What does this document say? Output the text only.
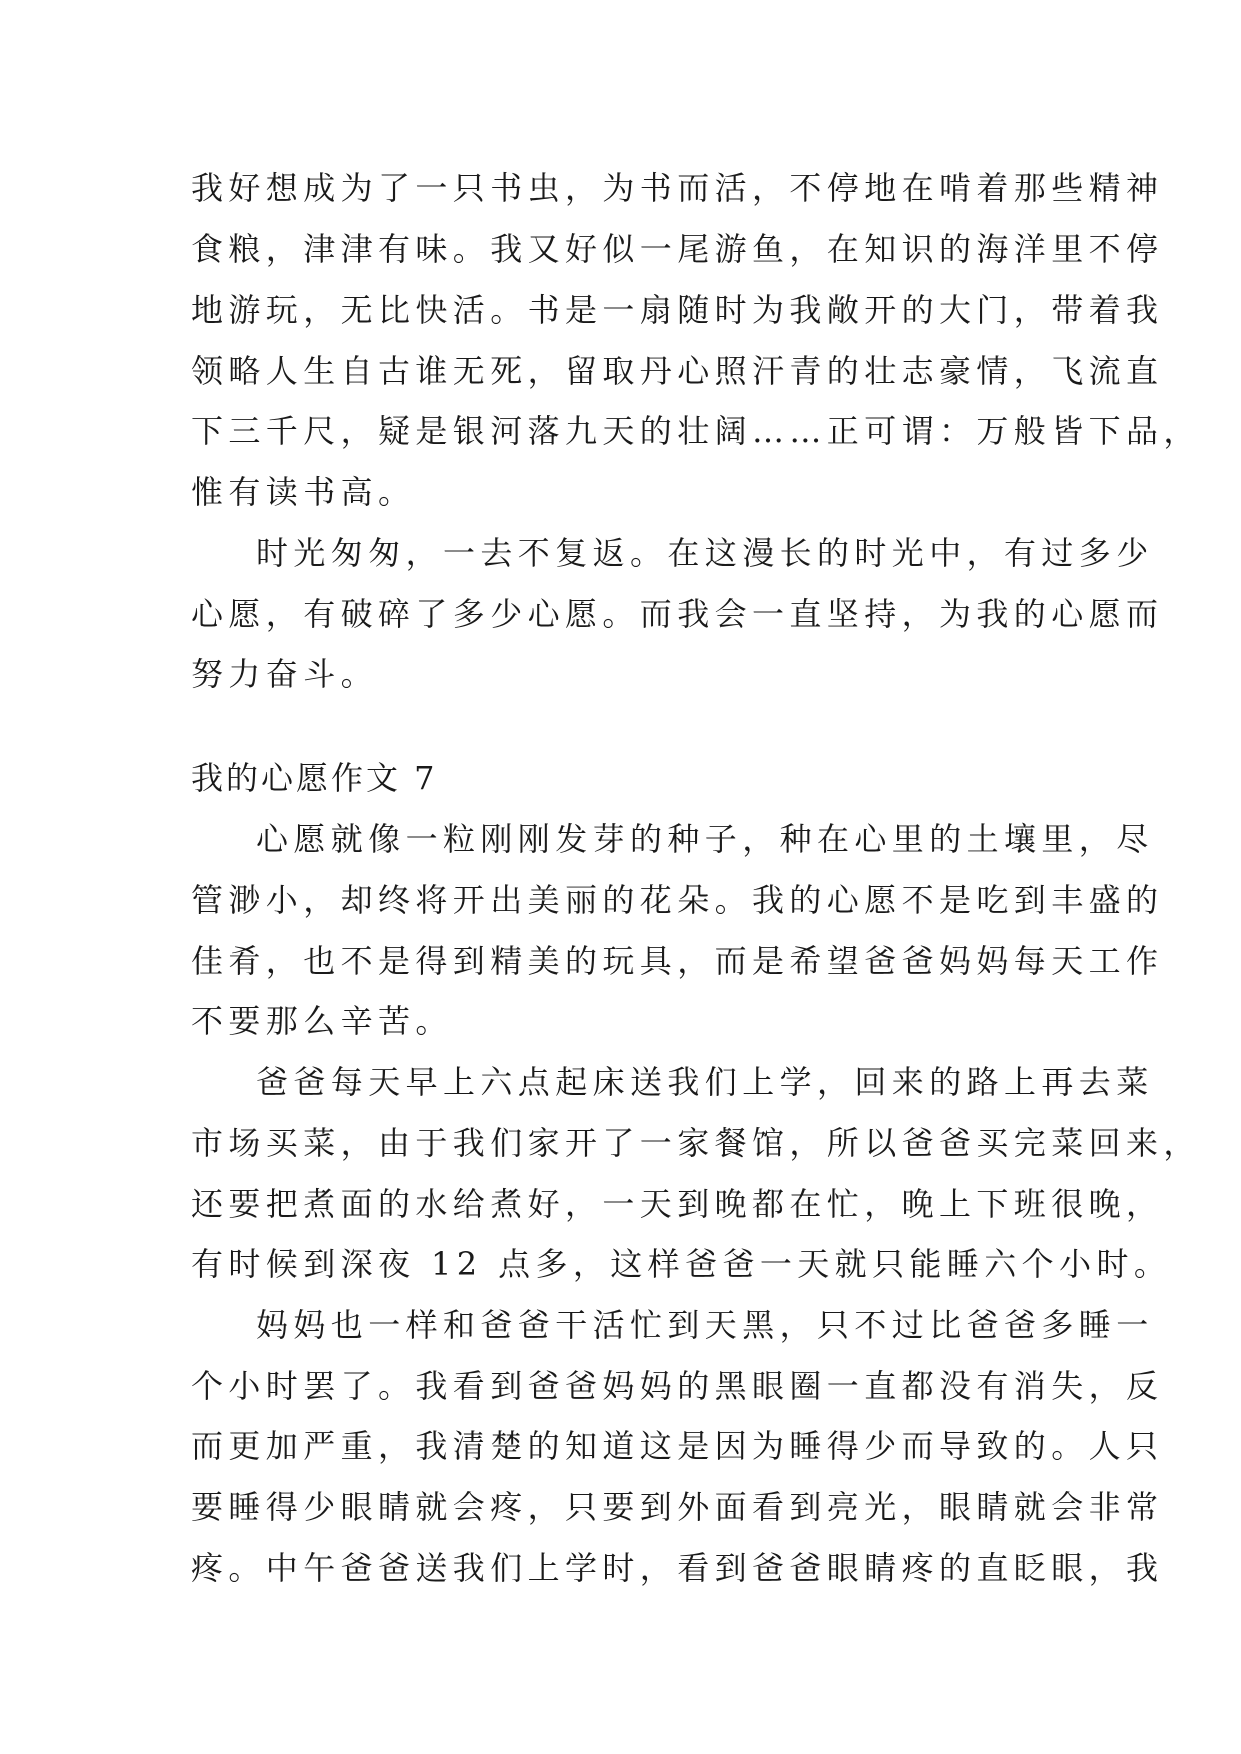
我好想成为了一只书虫，为书而活，不停地在啃着那些精神
食粮，津津有味。我又好似一尾游鱼，在知识的海洋里不停
地游玩，无比快活。书是一扇随时为我敞开的大门，带着我
领略人生自古谁无死，留取丹心照汗青的壮志豪情，飞流直
下三千尺，疑是银河落九天的壮阔……正可谓：万般皆下品，
惟有读书高。
时光匆匆，一去不复返。在这漫长的时光中，有过多少
心愿，有破碎了多少心愿。而我会一直坚持，为我的心愿而
努力奋斗。
我的心愿作文 7
心愿就像一粒刚刚发芽的种子，种在心里的土壤里，尽
管渺小，却终将开出美丽的花朵。我的心愿不是吃到丰盛的
佳肴，也不是得到精美的玩具，而是希望爸爸妈妈每天工作
不要那么辛苦。
爸爸每天早上六点起床送我们上学，回来的路上再去菜
市场买菜，由于我们家开了一家餐馆，所以爸爸买完菜回来，
还要把煮面的水给煮好，一天到晚都在忙，晚上下班很晚，
有时候到深夜 12 点多，这样爸爸一天就只能睡六个小时。
妈妈也一样和爸爸干活忙到天黑，只不过比爸爸多睡一
个小时罢了。我看到爸爸妈妈的黑眼圈一直都没有消失，反
而更加严重，我清楚的知道这是因为睡得少而导致的。人只
要睡得少眼睛就会疼，只要到外面看到亮光，眼睛就会非常
疼。中午爸爸送我们上学时，看到爸爸眼睛疼的直眨眼，我
